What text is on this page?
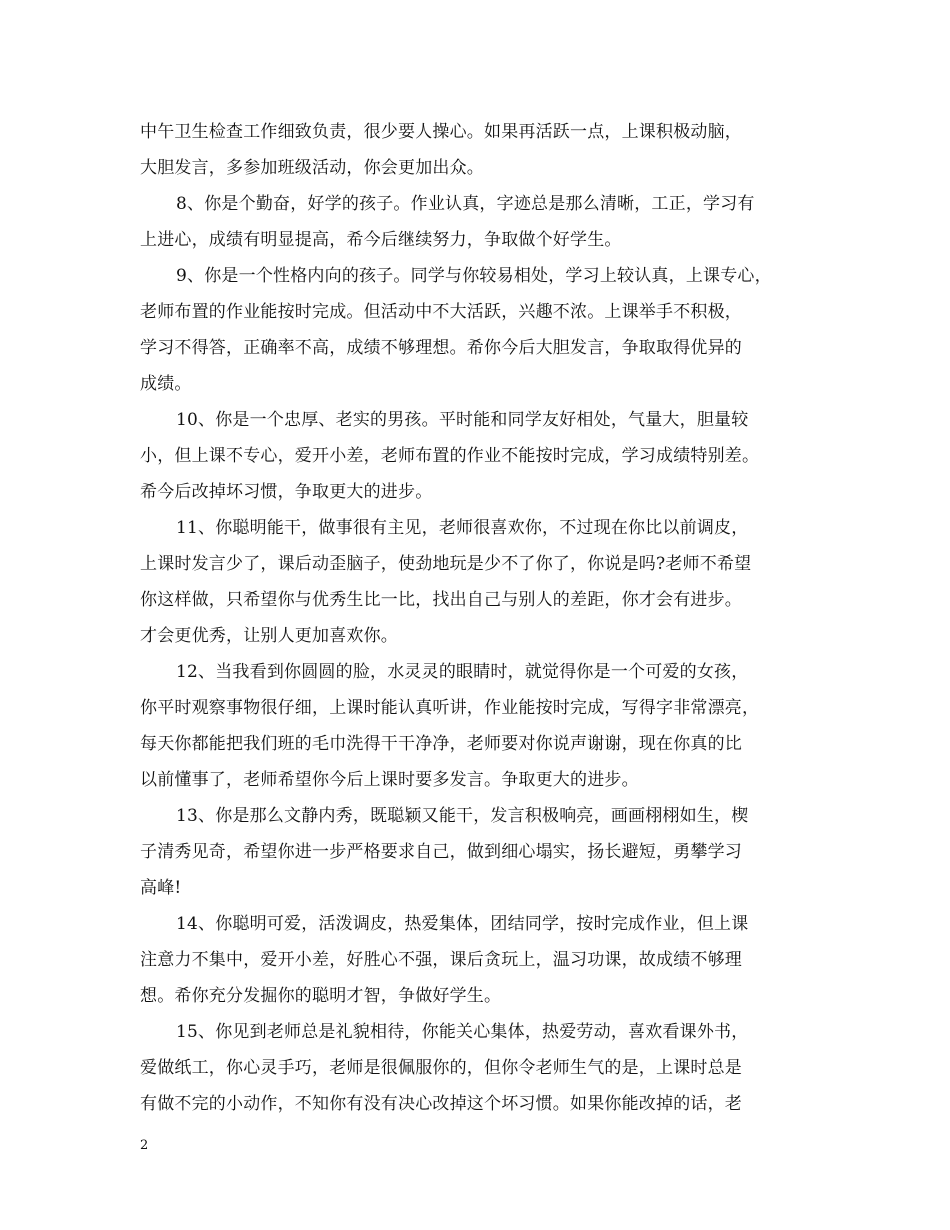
中午卫生检查工作细致负责，很少要人操心。如果再活跃一点，上课积极动脑，
大胆发言，多参加班级活动，你会更加出众。
8、你是个勤奋，好学的孩子。作业认真，字迹总是那么清晰，工正，学习有
上进心，成绩有明显提高，希今后继续努力，争取做个好学生。
9、你是一个性格内向的孩子。同学与你较易相处，学习上较认真，上课专心，
老师布置的作业能按时完成。但活动中不大活跃，兴趣不浓。上课举手不积极，
学习不得答，正确率不高，成绩不够理想。希你今后大胆发言，争取取得优异的
成绩。
10、你是一个忠厚、老实的男孩。平时能和同学友好相处，气量大，胆量较
小，但上课不专心，爱开小差，老师布置的作业不能按时完成，学习成绩特别差。
希今后改掉坏习惯，争取更大的进步。
11、你聪明能干，做事很有主见，老师很喜欢你，不过现在你比以前调皮，
上课时发言少了，课后动歪脑子，使劲地玩是少不了你了，你说是吗?老师不希望
你这样做，只希望你与优秀生比一比，找出自己与别人的差距，你才会有进步。
才会更优秀，让别人更加喜欢你。
12、当我看到你圆圆的脸，水灵灵的眼睛时，就觉得你是一个可爱的女孩，
你平时观察事物很仔细，上课时能认真听讲，作业能按时完成，写得字非常漂亮，
每天你都能把我们班的毛巾洗得干干净净，老师要对你说声谢谢，现在你真的比
以前懂事了，老师希望你今后上课时要多发言。争取更大的进步。
13、你是那么文静内秀，既聪颖又能干，发言积极响亮，画画栩栩如生，楔
子清秀见奇，希望你进一步严格要求自己，做到细心塌实，扬长避短，勇攀学习
高峰!
14、你聪明可爱，活泼调皮，热爱集体，团结同学，按时完成作业，但上课
注意力不集中，爱开小差，好胜心不强，课后贪玩上，温习功课，故成绩不够理
想。希你充分发掘你的聪明才智，争做好学生。
15、你见到老师总是礼貌相待，你能关心集体，热爱劳动，喜欢看课外书，
爱做纸工，你心灵手巧，老师是很佩服你的，但你令老师生气的是，上课时总是
有做不完的小动作，不知你有没有决心改掉这个坏习惯。如果你能改掉的话，老
2
